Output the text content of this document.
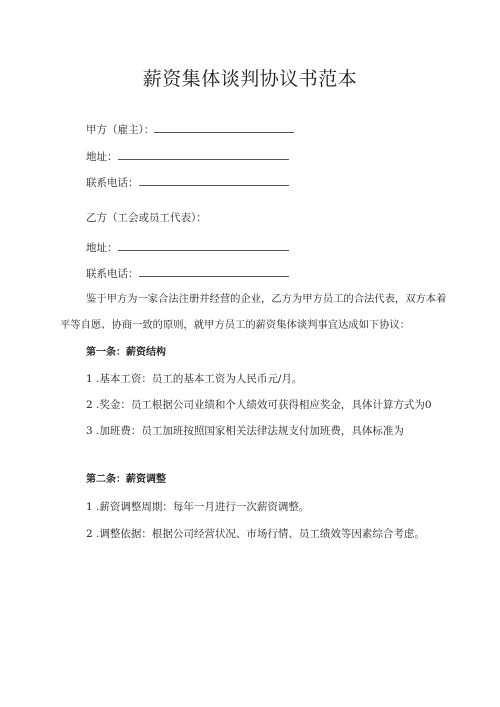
薪资集体谈判协议书范本
甲方（雇主）：
地址：
联系电话：
乙方（工会或员工代表）：
地址：
联系电话：
鉴于甲方为一家合法注册并经营的企业，乙方为甲方员工的合法代表，双方本着
平等自愿、协商一致的原则，就甲方员工的薪资集体谈判事宜达成如下协议：
第一条：薪资结构
1 .基本工资：员工的基本工资为人民币元/月。
2 .奖金：员工根据公司业绩和个人绩效可获得相应奖金，具体计算方式为0
3 .加班费：员工加班按照国家相关法律法规支付加班费，具体标准为
第二条：薪资调整
1 .薪资调整周期：每年一月进行一次薪资调整。
2 .调整依据：根据公司经营状况、市场行情、员工绩效等因素综合考虑。
